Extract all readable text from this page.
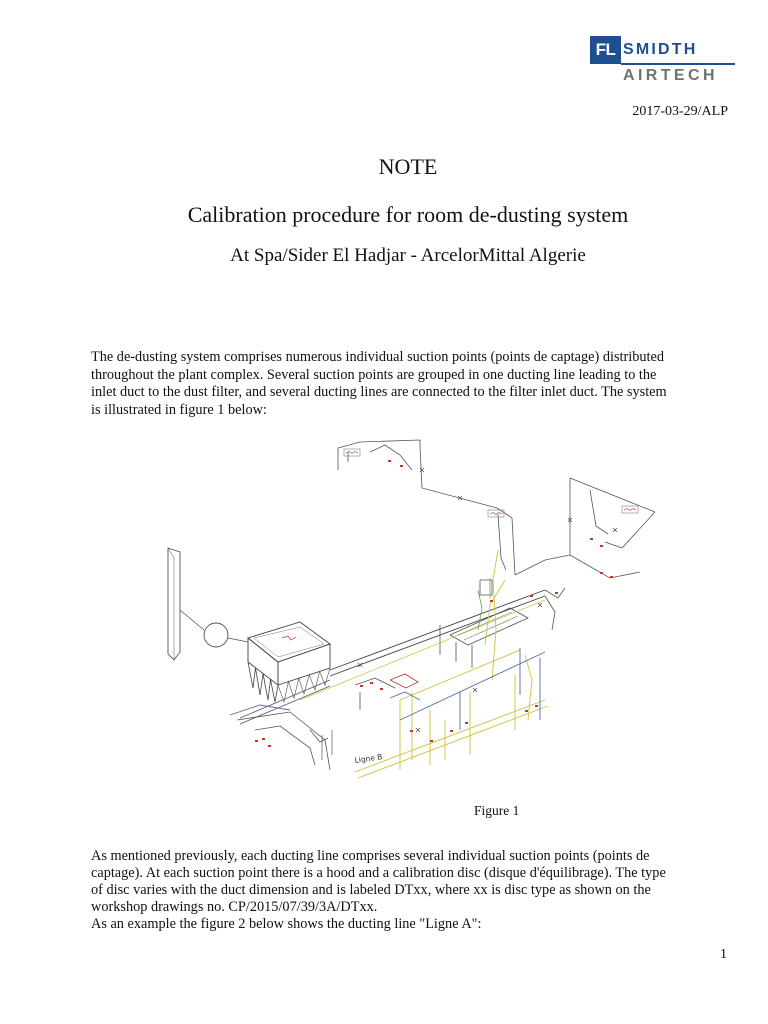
FL SMIDTH
AIRTECH
2017-03-29/ALP
NOTE
Calibration procedure for room de-dusting system
At Spa/Sider El Hadjar - ArcelorMittal Algerie
The de-dusting system comprises numerous individual suction points (points de captage) distributed
throughout the plant complex. Several suction points are grouped in one ducting line leading to the
inlet duct to the dust filter, and several ducting lines are connected to the filter inlet duct. The system
is illustrated in figure 1 below:
Ligne B
Figure 1
As mentioned previously, each ducting line comprises several individual suction points (points de
captage). At each suction point there is a hood and a calibration disc (disque d'équilibrage). The type
of disc varies with the duct dimension and is labeled DTxx, where xx is disc type as shown on the
workshop drawings no. CP/2015/07/39/3A/DTxx.
As an example the figure 2 below shows the ducting line "Ligne A":
1
